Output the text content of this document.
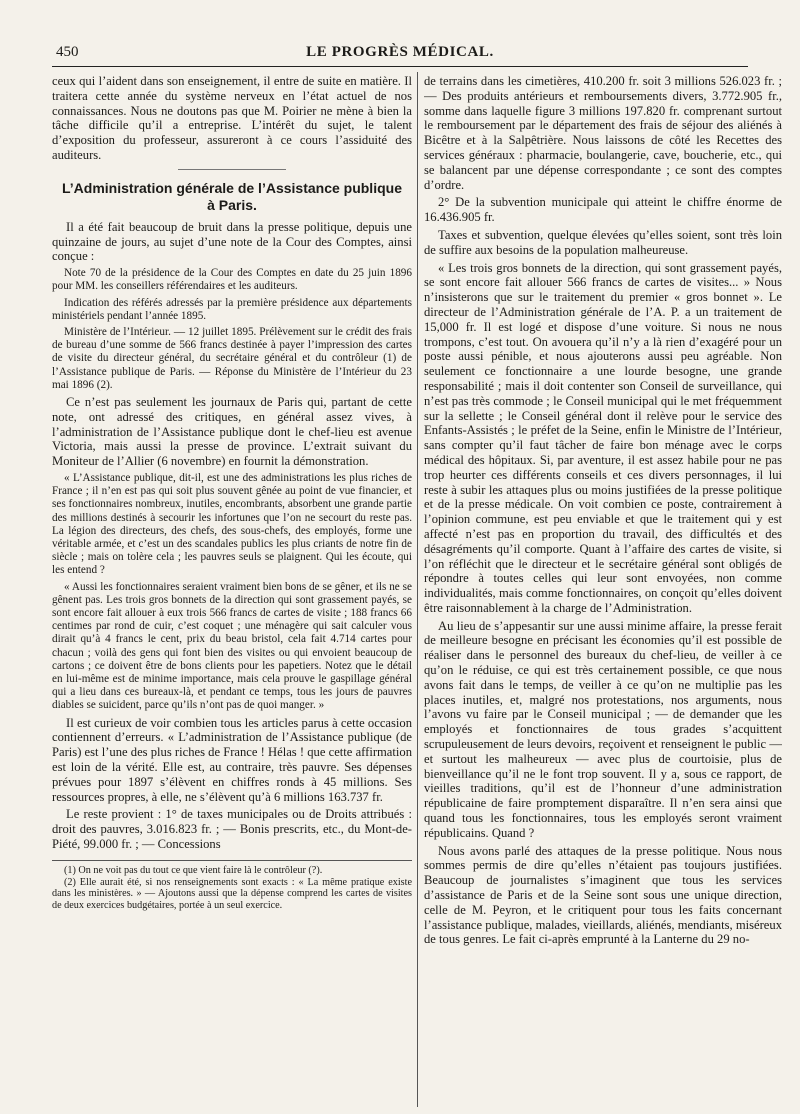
450	LE PROGRÈS MÉDICAL.

ceux qui l’aident dans son enseignement, il entre de suite en matière. Il traitera cette année du système nerveux en l’état actuel de nos connaissances. Nous ne doutons pas que M. Poirier ne mène à bien la tâche difficile qu’il a entreprise. L’intérêt du sujet, le talent d’exposition du professeur, assureront à ce cours l’assiduité des auditeurs.

L’Administration générale de l’Assistance publique à Paris.

Il a été fait beaucoup de bruit dans la presse politique, depuis une quinzaine de jours, au sujet d’une note de la Cour des Comptes, ainsi conçue :

Note 70 de la présidence de la Cour des Comptes en date du 25 juin 1896 pour MM. les conseillers référendaires et les auditeurs.

Indication des référés adressés par la première présidence aux départements ministériels pendant l’année 1895.

Ministère de l’Intérieur. — 12 juillet 1895. Prélèvement sur le crédit des frais de bureau d’une somme de 566 francs destinée à payer l’impression des cartes de visite du directeur général, du secrétaire général et du contrôleur (1) de l’Assistance publique de Paris. — Réponse du Ministère de l’Intérieur du 23 mai 1896 (2).

Ce n’est pas seulement les journaux de Paris qui, partant de cette note, ont adressé des critiques, en général assez vives, à l’administration de l’Assistance publique dont le chef-lieu est avenue Victoria, mais aussi la presse de province. L’extrait suivant du Moniteur de l’Allier (6 novembre) en fournit la démonstration.

« L’Assistance publique, dit-il, est une des administrations les plus riches de France ; il n’en est pas qui soit plus souvent gênée au point de vue financier, et ses fonctionnaires nombreux, inutiles, encombrants, absorbent une grande partie des millions destinés à secourir les infortunes que l’on ne secourt du reste pas. La légion des directeurs, des chefs, des sous-chefs, des employés, forme une véritable armée, et c’est un des scandales publics les plus criants de notre fin de siècle ; mais on tolère cela ; les pauvres seuls se plaignent. Qui les écoute, qui les entend ?

« Aussi les fonctionnaires seraient vraiment bien bons de se gêner, et ils ne se gênent pas. Les trois gros bonnets de la direction qui sont grassement payés, se sont encore fait allouer à eux trois 566 francs de cartes de visite ; 188 francs 66 centimes par rond de cuir, c’est coquet ; une ménagère qui sait calculer vous dirait qu’à 4 francs le cent, prix du beau bristol, cela fait 4.714 cartes pour chacun ; voilà des gens qui font bien des visites ou qui envoient beaucoup de cartons ; ce doivent être de bons clients pour les papetiers. Notez que le détail en lui-même est de minime importance, mais cela prouve le gaspillage général qui a lieu dans ces bureaux-là, et pendant ce temps, tous les jours de pauvres diables se suicident, parce qu’ils n’ont pas de quoi manger. »

Il est curieux de voir combien tous les articles parus à cette occasion contiennent d’erreurs. « L’administration de l’Assistance publique (de Paris) est l’une des plus riches de France ! Hélas ! que cette affirmation est loin de la vérité. Elle est, au contraire, très pauvre. Ses dépenses prévues pour 1897 s’élèvent en chiffres ronds à 45 millions. Ses ressources propres, à elle, ne s’élèvent qu’à 6 millions 163.737 fr.

Le reste provient : 1° de taxes municipales ou de Droits attribués : droit des pauvres, 3.016.823 fr. ; — Bonis prescrits, etc., du Mont-de-Piété, 99.000 fr. ; — Concessions

(1) On ne voit pas du tout ce que vient faire là le contrôleur (?).

(2) Elle aurait été, si nos renseignements sont exacts : « La même pratique existe dans les ministères. » — Ajoutons aussi que la dépense comprend les cartes de visites de deux exercices budgétaires, portée à un seul exercice.

de terrains dans les cimetières, 410.200 fr. soit 3 millions 526.023 fr. ; — Des produits antérieurs et remboursements divers, 3.772.905 fr., somme dans laquelle figure 3 millions 197.820 fr. comprenant surtout le remboursement par le département des frais de séjour des aliénés à Bicêtre et à la Salpêtrière. Nous laissons de côté les Recettes des services généraux : pharmacie, boulangerie, cave, boucherie, etc., qui se balancent par une dépense correspondante ; ce sont des comptes d’ordre.

2° De la subvention municipale qui atteint le chiffre énorme de 16.436.905 fr.

Taxes et subvention, quelque élevées qu’elles soient, sont très loin de suffire aux besoins de la population malheureuse.

« Les trois gros bonnets de la direction, qui sont grassement payés, se sont encore fait allouer 566 francs de cartes de visites... » Nous n’insisterons que sur le traitement du premier « gros bonnet ». Le directeur de l’Administration générale de l’A. P. a un traitement de 15,000 fr. Il est logé et dispose d’une voiture. Si nous ne nous trompons, c’est tout. On avouera qu’il n’y a là rien d’exagéré pour un poste aussi pénible, et nous ajouterons aussi peu agréable. Non seulement ce fonctionnaire a une lourde besogne, une grande responsabilité ; mais il doit contenter son Conseil de surveillance, qui n’est pas très commode ; le Conseil municipal qui le met fréquemment sur la sellette ; le Conseil général dont il relève pour le service des Enfants-Assistés ; le préfet de la Seine, enfin le Ministre de l’Intérieur, sans compter qu’il faut tâcher de faire bon ménage avec le corps médical des hôpitaux. Si, par aventure, il est assez habile pour ne pas trop heurter ces différents conseils et ces divers personnages, il lui reste à subir les attaques plus ou moins justifiées de la presse politique et de la presse médicale. On voit combien ce poste, contrairement à l’opinion commune, est peu enviable et que le traitement qui y est affecté n’est pas en proportion du travail, des difficultés et des désagréments qu’il comporte. Quant à l’affaire des cartes de visite, si l’on réfléchit que le directeur et le secrétaire général sont obligés de répondre à toutes celles qui leur sont envoyées, non comme individualités, mais comme fonctionnaires, on conçoit qu’elles doivent être raisonnablement à la charge de l’Administration.

Au lieu de s’appesantir sur une aussi minime affaire, la presse ferait de meilleure besogne en précisant les économies qu’il est possible de réaliser dans le personnel des bureaux du chef-lieu, de veiller à ce qu’on le réduise, ce qui est très certainement possible, ce que nous avons fait dans le temps, de veiller à ce qu’on ne multiplie pas les places inutiles, et, malgré nos protestations, nos arguments, nous l’avons vu faire par le Conseil municipal ; — de demander que les employés et fonctionnaires de tous grades s’acquittent scrupuleusement de leurs devoirs, reçoivent et renseignent le public — et surtout les malheureux — avec plus de courtoisie, plus de bienveillance qu’il ne le font trop souvent. Il y a, sous ce rapport, de vieilles traditions, qu’il est de l’honneur d’une administration républicaine de faire promptement disparaître. Il n’en sera ainsi que quand tous les fonctionnaires, tous les employés seront vraiment républicains. Quand ?

Nous avons parlé des attaques de la presse politique. Nous nous sommes permis de dire qu’elles n’étaient pas toujours justifiées. Beaucoup de journalistes s’imaginent que tous les services d’assistance de Paris et de la Seine sont sous une unique direction, celle de M. Peyron, et le critiquent pour tous les faits concernant l’assistance publique, malades, vieillards, aliénés, mendiants, miséreux de tous genres. Le fait ci-après emprunté à la Lanterne du 29 no-
